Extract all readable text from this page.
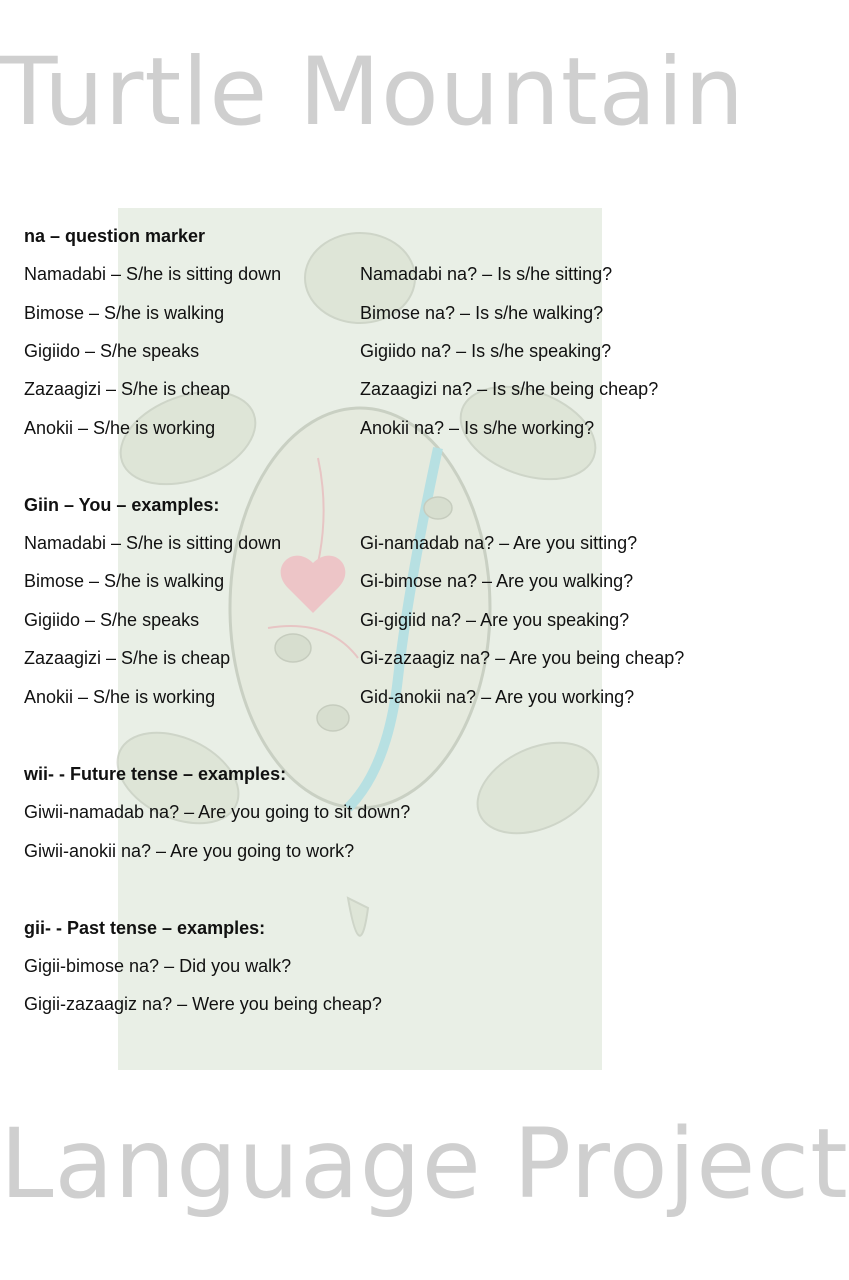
Turtle Mountain
Language Project
na – question marker
Namadabi – S/he is sitting down	Namadabi na? – Is s/he sitting?
Bimose – S/he is walking	Bimose na? – Is s/he walking?
Gigiido – S/he speaks	Gigiido na? – Is s/he speaking?
Zazaagizi – S/he is cheap	Zazaagizi na? – Is s/he being cheap?
Anokii – S/he is working	Anokii na? – Is s/he working?
Giin – You – examples:
Namadabi – S/he is sitting down	Gi-namadab na? – Are you sitting?
Bimose – S/he is walking	Gi-bimose na? – Are you walking?
Gigiido – S/he speaks	Gi-gigiid na? – Are you speaking?
Zazaagizi – S/he is cheap	Gi-zazaagiz na? – Are you being cheap?
Anokii – S/he is working	Gid-anokii na? – Are you working?
wii- - Future tense – examples:
Giwii-namadab na? – Are you going to sit down?
Giwii-anokii na? – Are you going to work?
gii- - Past tense – examples:
Gigii-bimose na? – Did you walk?
Gigii-zazaagiz na? – Were you being cheap?
